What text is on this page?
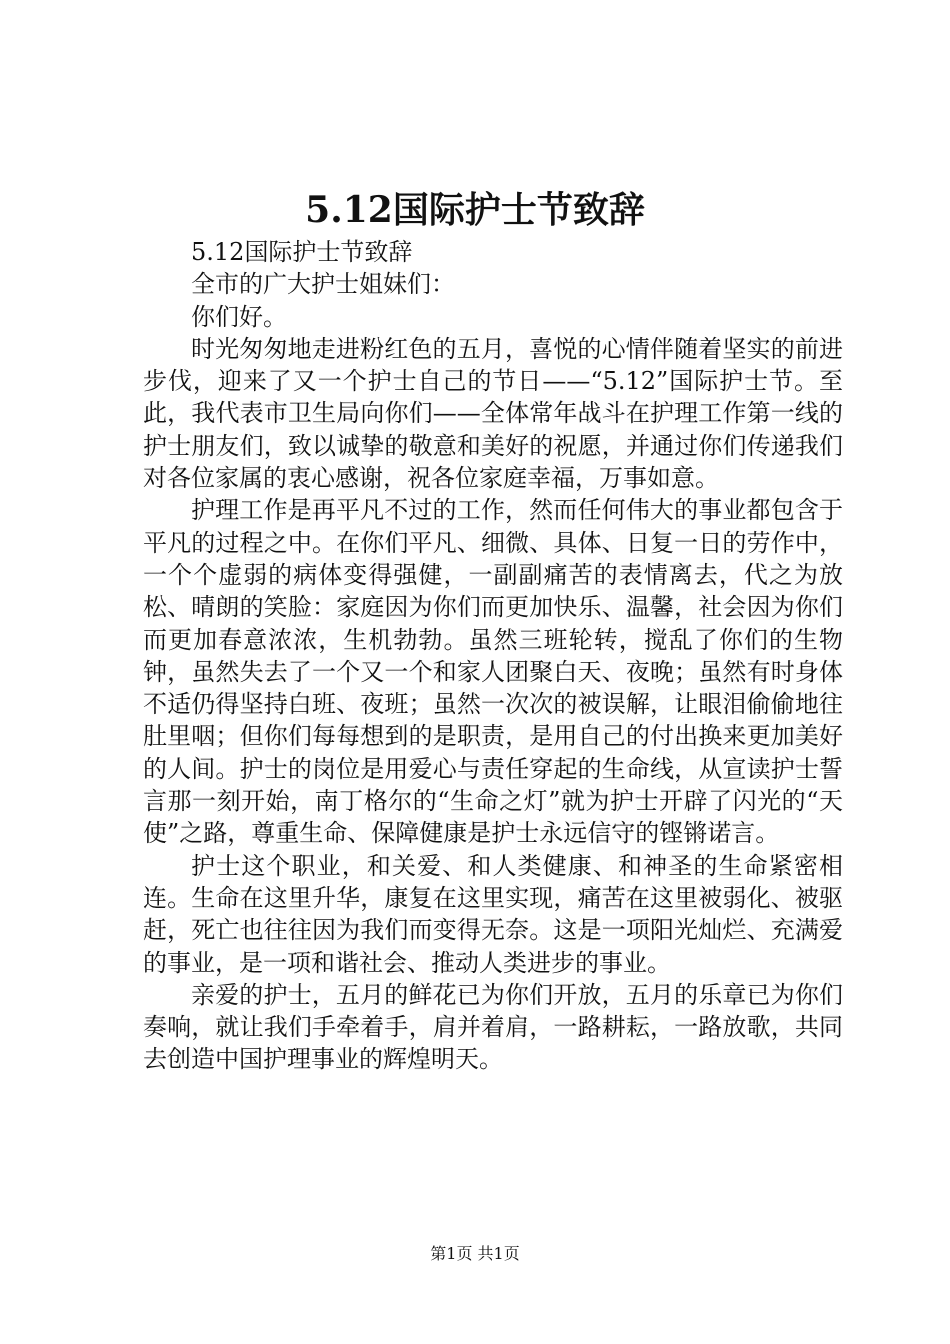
5.12国际护士节致辞

5.12国际护士节致辞

全市的广大护士姐妹们：

你们好。

时光匆匆地走进粉红色的五月，喜悦的心情伴随着坚实的前进步伐，迎来了又一个护士自己的节日——“5.12”国际护士节。至此，我代表市卫生局向你们——全体常年战斗在护理工作第一线的护士朋友们，致以诚挚的敬意和美好的祝愿，并通过你们传递我们对各位家属的衷心感谢，祝各位家庭幸福，万事如意。

护理工作是再平凡不过的工作，然而任何伟大的事业都包含于平凡的过程之中。在你们平凡、细微、具体、日复一日的劳作中，一个个虚弱的病体变得强健，一副副痛苦的表情离去，代之为放松、晴朗的笑脸：家庭因为你们而更加快乐、温馨，社会因为你们而更加春意浓浓，生机勃勃。虽然三班轮转，搅乱了你们的生物钟，虽然失去了一个又一个和家人团聚白天、夜晚；虽然有时身体不适仍得坚持白班、夜班；虽然一次次的被误解，让眼泪偷偷地往肚里咽；但你们每每想到的是职责，是用自己的付出换来更加美好的人间。护士的岗位是用爱心与责任穿起的生命线，从宣读护士誓言那一刻开始，南丁格尔的“生命之灯”就为护士开辟了闪光的“天使”之路，尊重生命、保障健康是护士永远信守的铿锵诺言。

护士这个职业，和关爱、和人类健康、和神圣的生命紧密相连。生命在这里升华，康复在这里实现，痛苦在这里被弱化、被驱赶，死亡也往往因为我们而变得无奈。这是一项阳光灿烂、充满爱的事业，是一项和谐社会、推动人类进步的事业。

亲爱的护士，五月的鲜花已为你们开放，五月的乐章已为你们奏响，就让我们手牵着手，肩并着肩，一路耕耘，一路放歌，共同去创造中国护理事业的辉煌明天。

第1页 共1页
